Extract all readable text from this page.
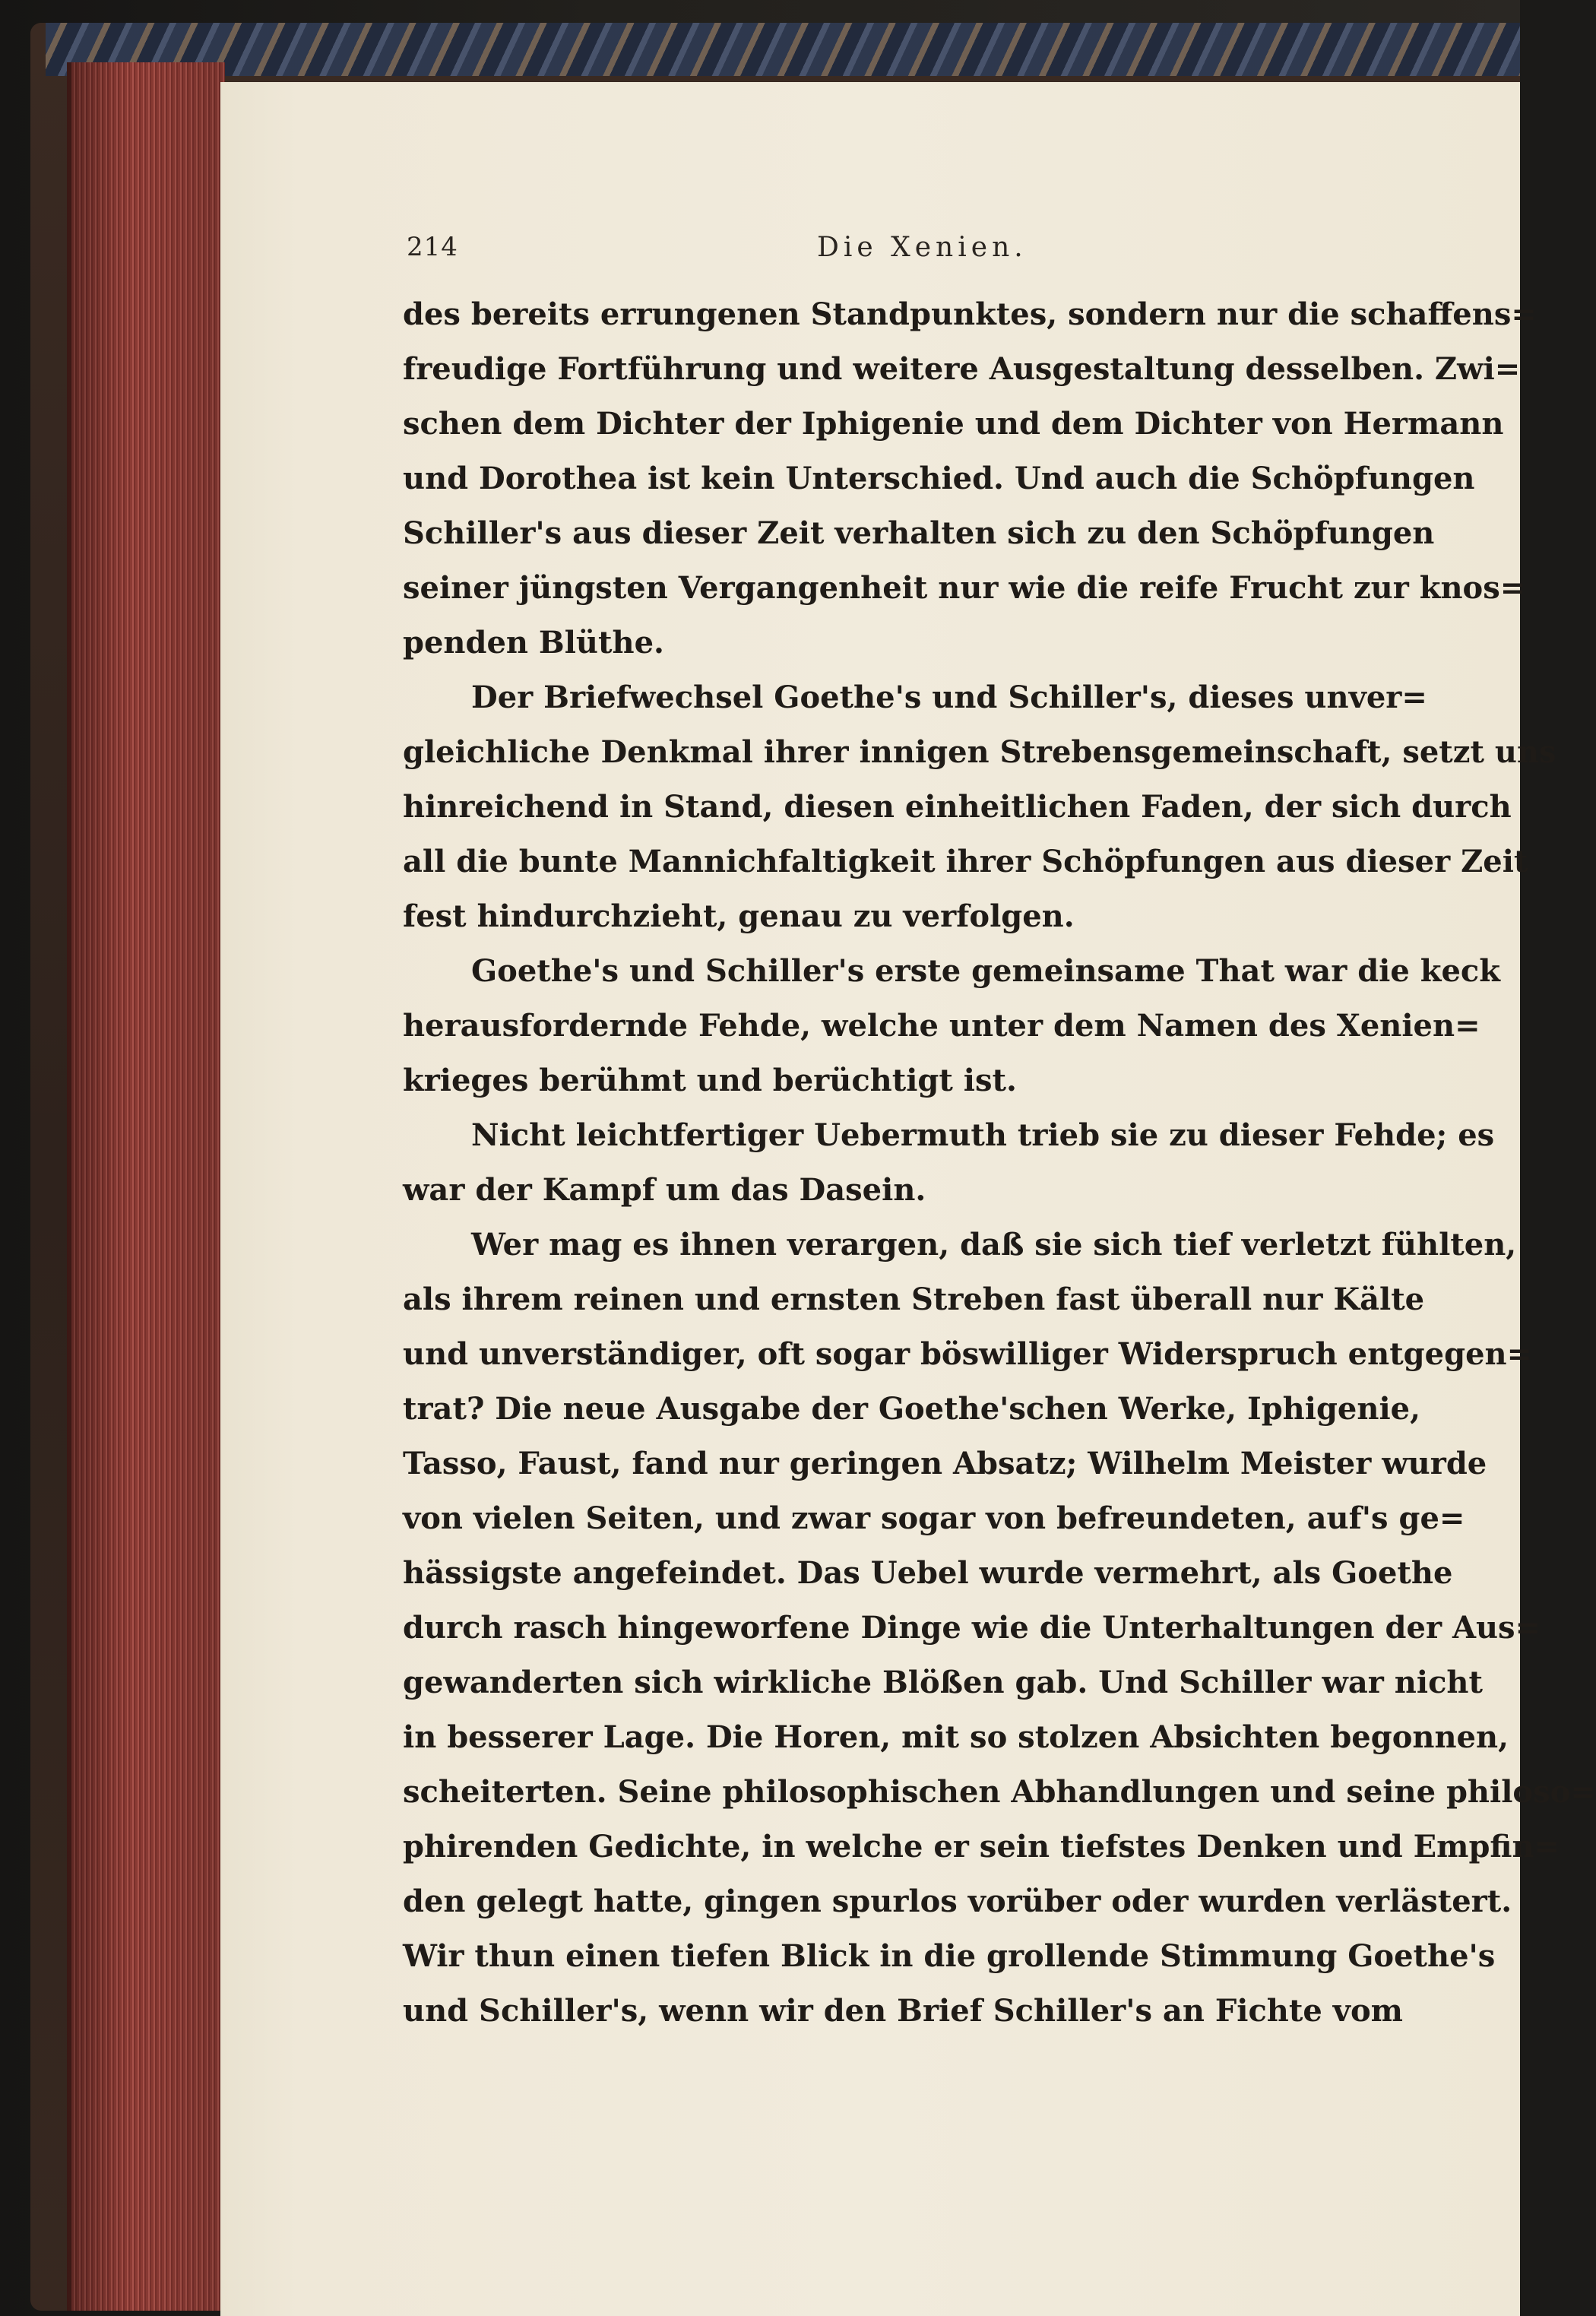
214	Die Xenien.
des bereits errungenen Standpunktes, sondern nur die schaffens=
freudige Fortführung und weitere Ausgestaltung desselben. Zwi=
schen dem Dichter der Iphigenie und dem Dichter von Hermann
und Dorothea ist kein Unterschied. Und auch die Schöpfungen
Schiller's aus dieser Zeit verhalten sich zu den Schöpfungen
seiner jüngsten Vergangenheit nur wie die reife Frucht zur knos=
penden Blüthe.
Der Briefwechsel Goethe's und Schiller's, dieses unver=
gleichliche Denkmal ihrer innigen Strebensgemeinschaft, setzt uns
hinreichend in Stand, diesen einheitlichen Faden, der sich durch
all die bunte Mannichfaltigkeit ihrer Schöpfungen aus dieser Zeit
fest hindurchzieht, genau zu verfolgen.
Goethe's und Schiller's erste gemeinsame That war die keck
herausfordernde Fehde, welche unter dem Namen des Xenien=
krieges berühmt und berüchtigt ist.
Nicht leichtfertiger Uebermuth trieb sie zu dieser Fehde; es
war der Kampf um das Dasein.
Wer mag es ihnen verargen, daß sie sich tief verletzt fühlten,
als ihrem reinen und ernsten Streben fast überall nur Kälte
und unverständiger, oft sogar böswilliger Widerspruch entgegen=
trat? Die neue Ausgabe der Goethe'schen Werke, Iphigenie,
Tasso, Faust, fand nur geringen Absatz; Wilhelm Meister wurde
von vielen Seiten, und zwar sogar von befreundeten, auf's ge=
hässigste angefeindet. Das Uebel wurde vermehrt, als Goethe
durch rasch hingeworfene Dinge wie die Unterhaltungen der Aus=
gewanderten sich wirkliche Blößen gab. Und Schiller war nicht
in besserer Lage. Die Horen, mit so stolzen Absichten begonnen,
scheiterten. Seine philosophischen Abhandlungen und seine philoso=
phirenden Gedichte, in welche er sein tiefstes Denken und Empfin=
den gelegt hatte, gingen spurlos vorüber oder wurden verlästert.
Wir thun einen tiefen Blick in die grollende Stimmung Goethe's
und Schiller's, wenn wir den Brief Schiller's an Fichte vom
